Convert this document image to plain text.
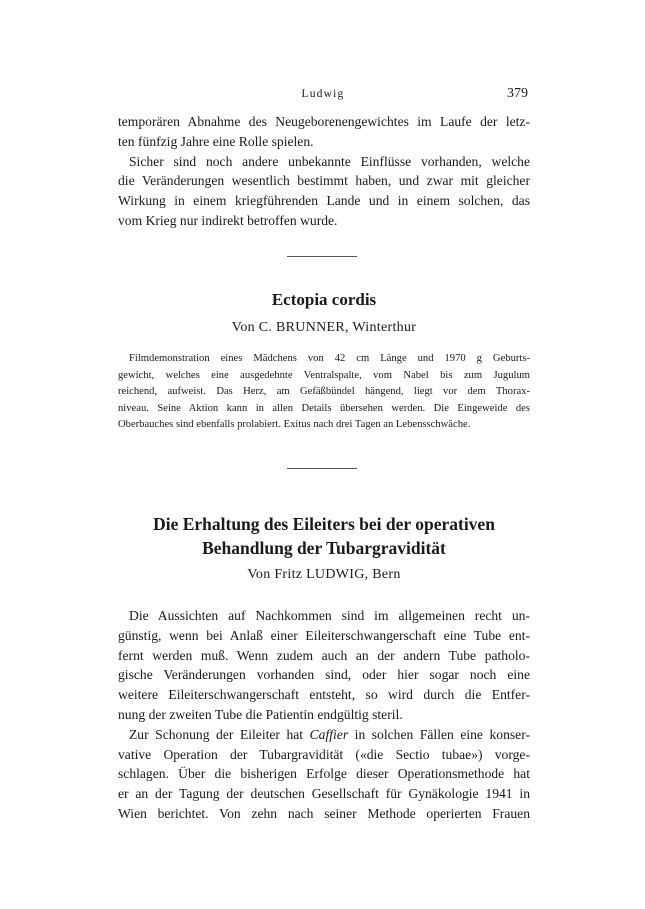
Ludwig	379
temporären Abnahme des Neugeborenengewichtes im Laufe der letz-
ten fünfzig Jahre eine Rolle spielen.
Sicher sind noch andere unbekannte Einflüsse vorhanden, welche
die Veränderungen wesentlich bestimmt haben, und zwar mit gleicher
Wirkung in einem kriegführenden Lande und in einem solchen, das
vom Krieg nur indirekt betroffen wurde.
Ectopia cordis

Von C. BRUNNER, Winterthur

Filmdemonstration eines Mädchens von 42 cm Länge und 1970 g Geburts-
gewicht, welches eine ausgedehnte Ventralspalte, vom Nabel bis zum Jugulum
reichend, aufweist. Das Herz, am Gefäßbündel hängend, liegt vor dem Thorax-
niveau. Seine Aktion kann in allen Details übersehen werden. Die Eingeweide des
Oberbauches sind ebenfalls prolabiert. Exitus nach drei Tagen an Lebensschwäche.
Die Erhaltung des Eileiters bei der operativen
Behandlung der Tubargravidität

Von Fritz LUDWIG, Bern

Die Aussichten auf Nachkommen sind im allgemeinen recht un-
günstig, wenn bei Anlaß einer Eileiterschwangerschaft eine Tube ent-
fernt werden muß. Wenn zudem auch an der andern Tube patholo-
gische Veränderungen vorhanden sind, oder hier sogar noch eine
weitere Eileiterschwangerschaft entsteht, so wird durch die Entfer-
nung der zweiten Tube die Patientin endgültig steril.
Zur Schonung der Eileiter hat Caffier in solchen Fällen eine konser-
vative Operation der Tubargravidität («die Sectio tubae») vorge-
schlagen. Über die bisherigen Erfolge dieser Operationsmethode hat
er an der Tagung der deutschen Gesellschaft für Gynäkologie 1941 in
Wien berichtet. Von zehn nach seiner Methode operierten Frauen
